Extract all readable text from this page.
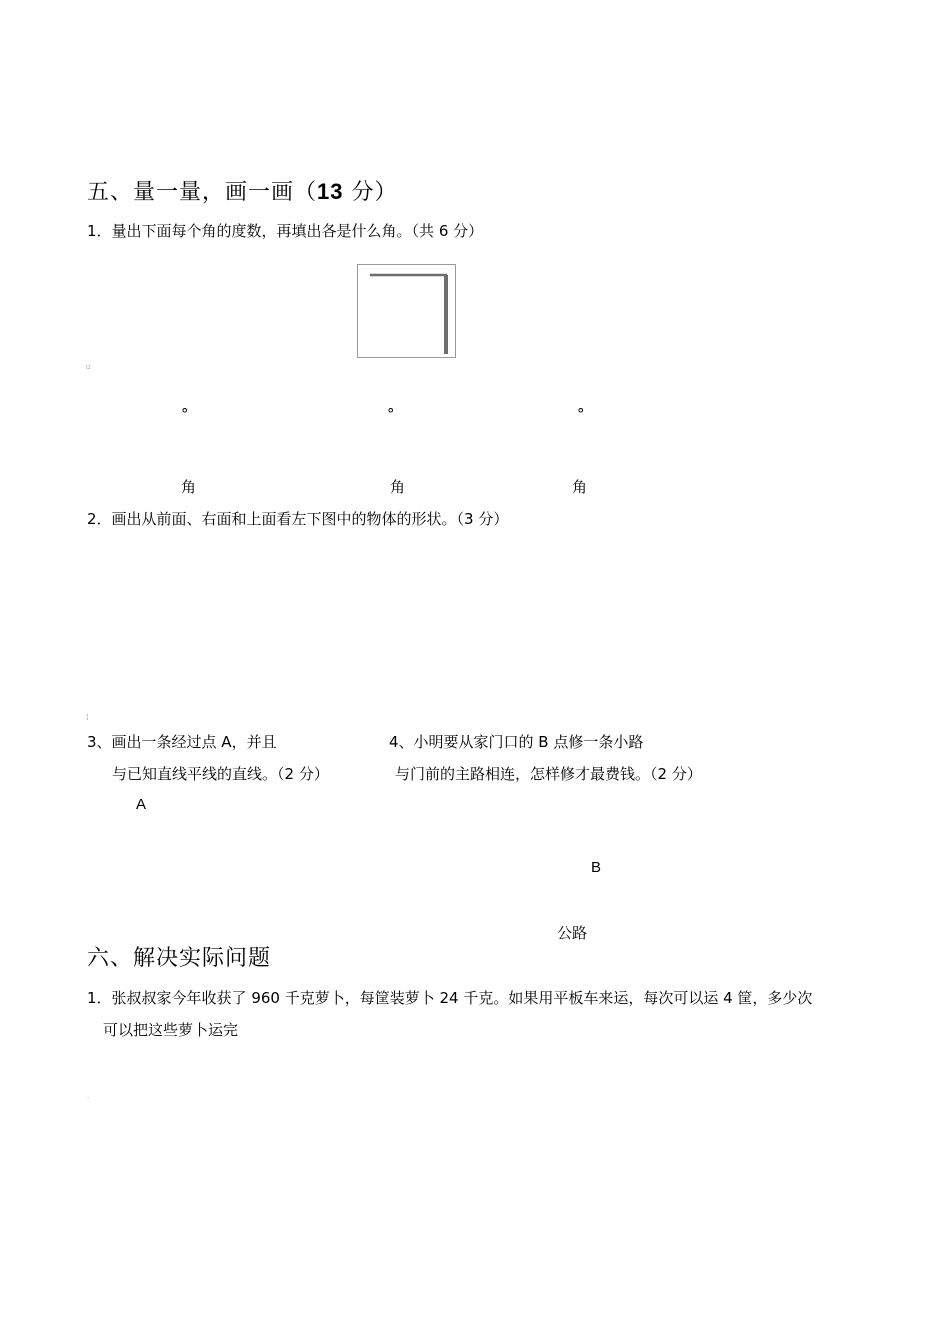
五、量一量，画一画（13 分）
1．量出下面每个角的度数，再填出各是什么角。（共 6 分）
▫
°	°	°
角	角	角
2．画出从前面、右面和上面看左下图中的物体的形状。（3 分）
¦
3、画出一条经过点 A，并且
与已知直线平线的直线。（2 分）
A
4、小明要从家门口的 B 点修一条小路
与门前的主路相连，怎样修才最费钱。（2 分）
B
公路
六、解决实际问题
1．张叔叔家今年收获了 960 千克萝卜，每筐装萝卜 24 千克。如果用平板车来运，每次可以运 4 筐，多少次
可以把这些萝卜运完
·
